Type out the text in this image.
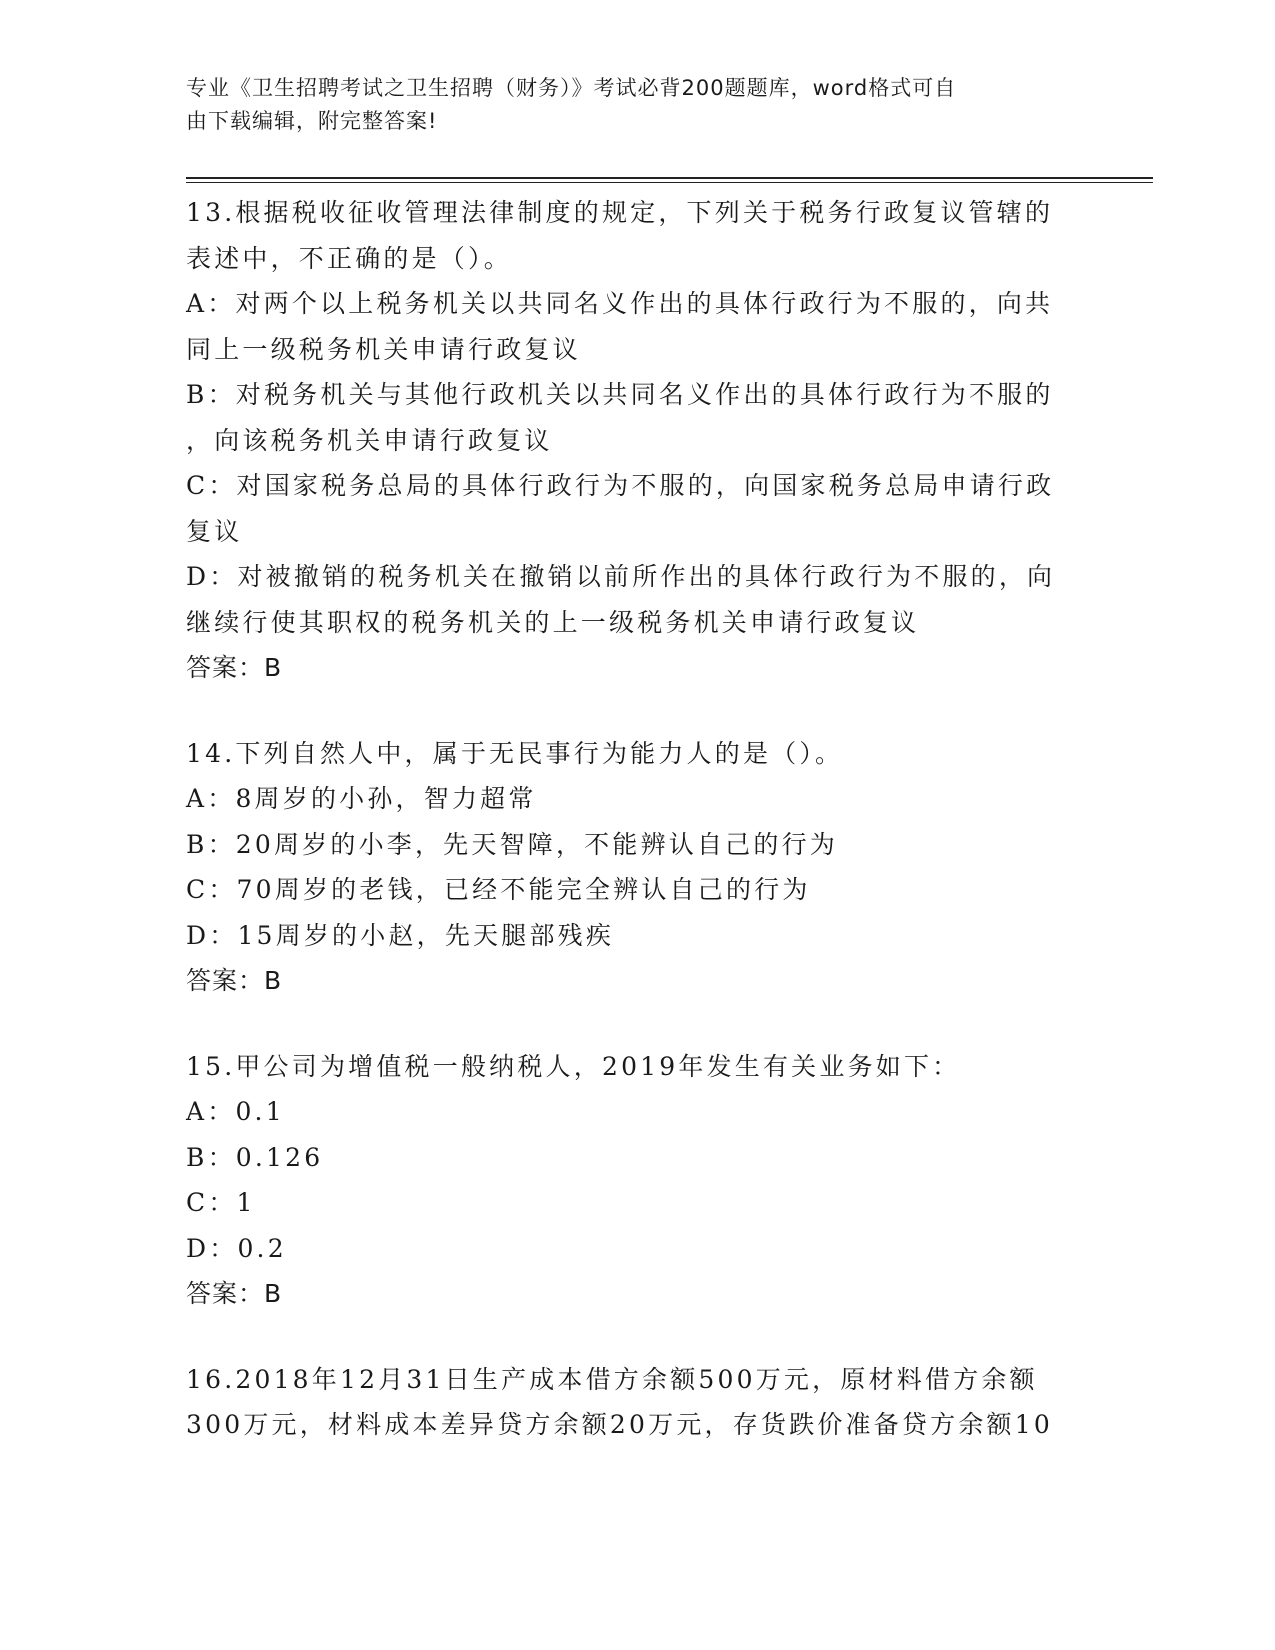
专业《卫生招聘考试之卫生招聘（财务）》考试必背200题题库，word格式可自
由下载编辑，附完整答案!

13.根据税收征收管理法律制度的规定，下列关于税务行政复议管辖的

表述中，不正确的是（）。

A：对两个以上税务机关以共同名义作出的具体行政行为不服的，向共

同上一级税务机关申请行政复议

B：对税务机关与其他行政机关以共同名义作出的具体行政行为不服的

，向该税务机关申请行政复议

C：对国家税务总局的具体行政行为不服的，向国家税务总局申请行政

复议

D：对被撤销的税务机关在撤销以前所作出的具体行政行为不服的，向

继续行使其职权的税务机关的上一级税务机关申请行政复议

答案：B

14.下列自然人中，属于无民事行为能力人的是（）。

A：8周岁的小孙，智力超常

B：20周岁的小李，先天智障，不能辨认自己的行为

C：70周岁的老钱，已经不能完全辨认自己的行为

D：15周岁的小赵，先天腿部残疾

答案：B

15.甲公司为增值税一般纳税人，2019年发生有关业务如下：

A：0.1

B：0.126

C：1

D：0.2

答案：B

16.2018年12月31日生产成本借方余额500万元，原材料借方余额

300万元，材料成本差异贷方余额20万元，存货跌价准备贷方余额10
